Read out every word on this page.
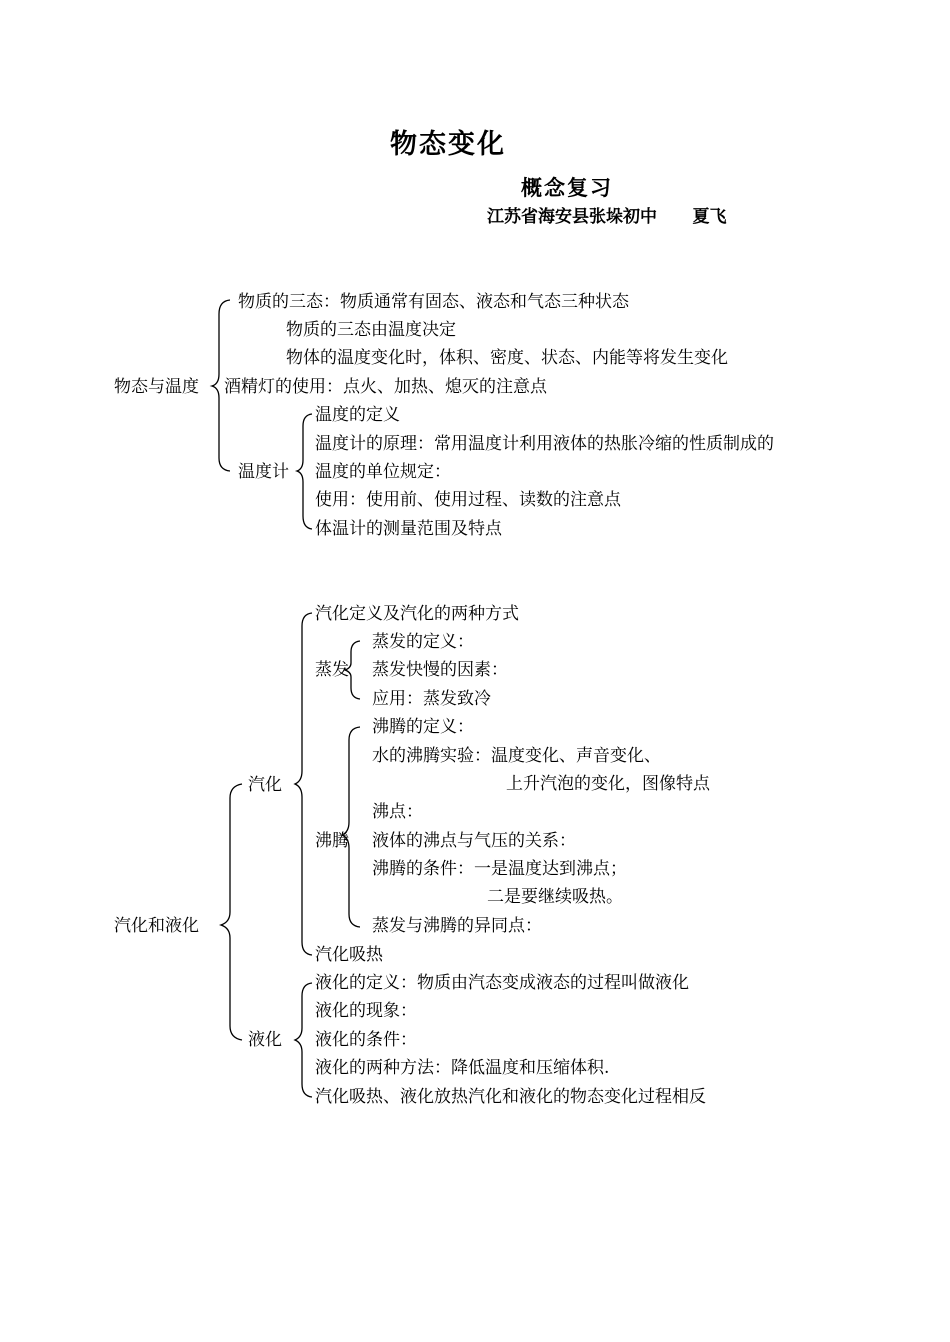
物态变化
概念复习
江苏省海安县张垛初中      夏飞
物态与温度
物质的三态：物质通常有固态、液态和气态三种状态
物质的三态由温度决定
物体的温度变化时，体积、密度、状态、内能等将发生变化
酒精灯的使用：点火、加热、熄灭的注意点
温度计
温度的定义
温度计的原理：常用温度计利用液体的热胀冷缩的性质制成的
温度的单位规定：
使用：使用前、使用过程、读数的注意点
体温计的测量范围及特点
汽化和液化
汽化
汽化定义及汽化的两种方式
蒸发
蒸发的定义：
蒸发快慢的因素：
应用：蒸发致冷
沸腾
沸腾的定义：
水的沸腾实验：温度变化、声音变化、
上升汽泡的变化，图像特点
沸点：
液体的沸点与气压的关系：
沸腾的条件：一是温度达到沸点；
二是要继续吸热。
蒸发与沸腾的异同点：
汽化吸热
液化
液化的定义：物质由汽态变成液态的过程叫做液化
液化的现象：
液化的条件：
液化的两种方法：降低温度和压缩体积.
汽化吸热、液化放热汽化和液化的物态变化过程相反
